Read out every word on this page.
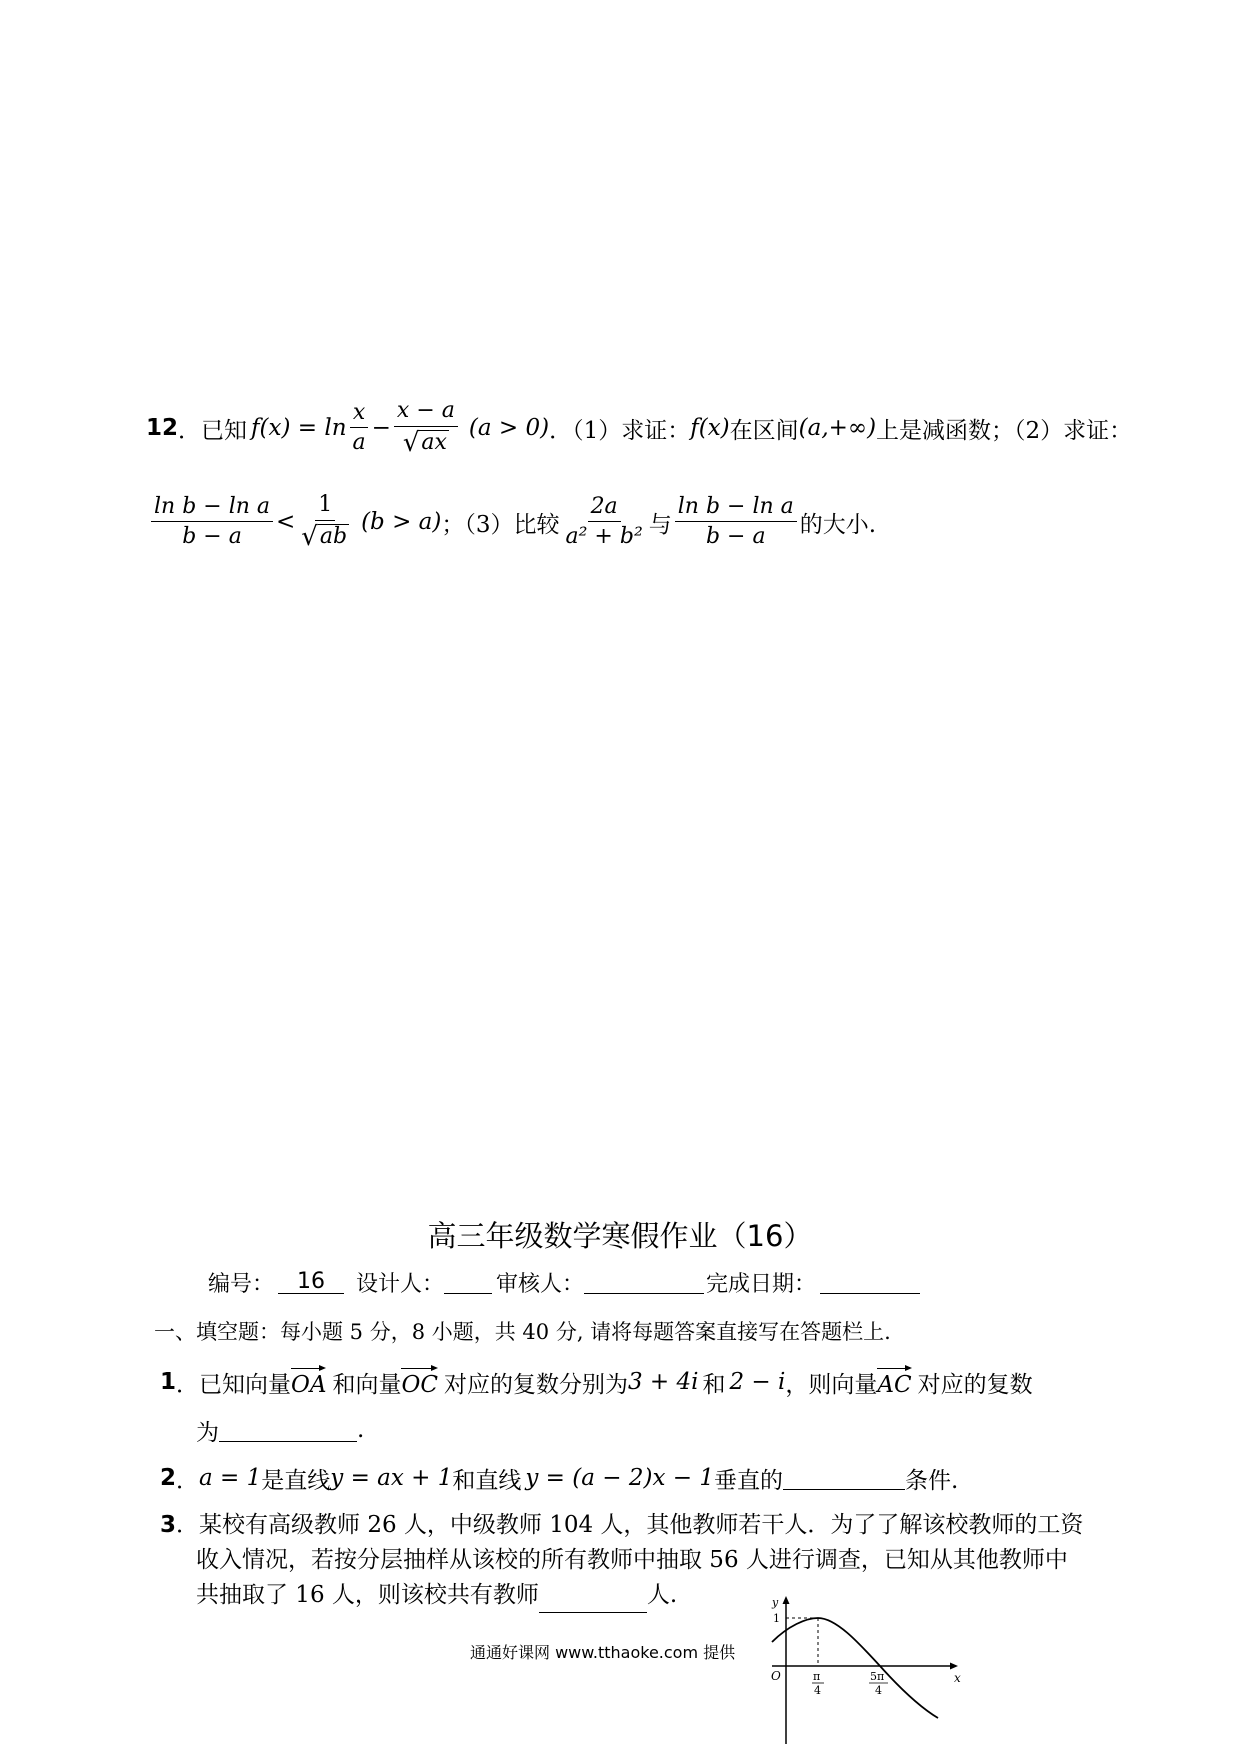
12 ．已知 $f(x) = \ln \frac{x}{a} - \frac{x - a}{√ ax} (a > 0)$ ．（1）求证： f(x) 在区间 (a,+∞) 上是减函数；（2）求证：
$\frac{\text{ln b − ln a}}{b - a} < \frac{1}{√ ab} (b > a)$ ；（3）比较 $\frac{2a}{\text{a² + b²}}$ 与 $\frac{\text{ln b − ln a}}{b - a}$ 的大小.
高三年级数学寒假作业（16）
编号：	16	设计人： 审核人：	完成日期：
一、填空题：每小题 5 分，8 小题，共 40 分, 请将每题答案直接写在答题栏上.
1 ．已知向量 OA 和向量 OC 对应的复数分别为 3 + 4i 和 2 − i ，则向量 AC 对应的复数
为	.
2 ． a = 1 是直线 y = ax + 1 和直线 y = (a − 2)x − 1 垂直的	条件.
3．某校有高级教师 26 人，中级教师 104 人，其他教师若干人．为了了解该校教师的工资
收入情况，若按分层抽样从该校的所有教师中抽取 56 人进行调查，已知从其他教师中
共抽取了 16 人，则该校共有教师	人.	y
1
O	x
π
4
5π
4
通通好课网 www.tthaoke.com 提供
